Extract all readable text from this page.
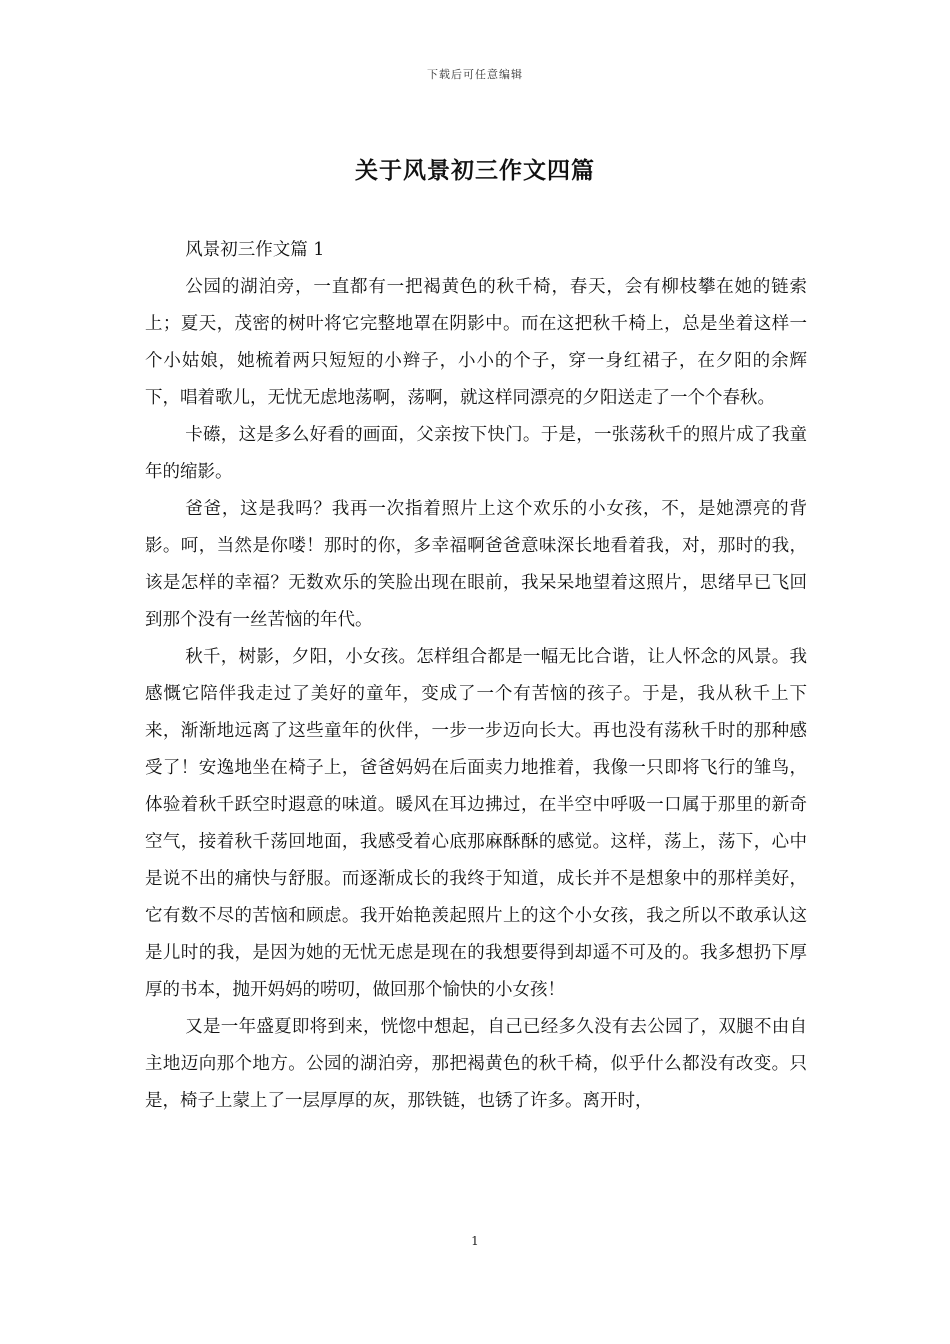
下载后可任意编辑
关于风景初三作文四篇

风景初三作文篇 1

公园的湖泊旁，一直都有一把褐黄色的秋千椅，春天，会有柳枝攀在她的链索上；夏天，茂密的树叶将它完整地罩在阴影中。而在这把秋千椅上，总是坐着这样一个小姑娘，她梳着两只短短的小辫子，小小的个子，穿一身红裙子，在夕阳的余辉下，唱着歌儿，无忧无虑地荡啊，荡啊，就这样同漂亮的夕阳送走了一个个春秋。

卡礤，这是多么好看的画面，父亲按下快门。于是，一张荡秋千的照片成了我童年的缩影。

爸爸，这是我吗？我再一次指着照片上这个欢乐的小女孩，不，是她漂亮的背影。呵，当然是你喽！那时的你，多幸福啊爸爸意味深长地看着我，对，那时的我，该是怎样的幸福？无数欢乐的笑脸出现在眼前，我呆呆地望着这照片，思绪早已飞回到那个没有一丝苦恼的年代。

秋千，树影，夕阳，小女孩。怎样组合都是一幅无比合谐，让人怀念的风景。我感慨它陪伴我走过了美好的童年，变成了一个有苦恼的孩子。于是，我从秋千上下来，渐渐地远离了这些童年的伙伴，一步一步迈向长大。再也没有荡秋千时的那种感受了！安逸地坐在椅子上，爸爸妈妈在后面卖力地推着，我像一只即将飞行的雏鸟，体验着秋千跃空时遐意的味道。暖风在耳边拂过，在半空中呼吸一口属于那里的新奇空气，接着秋千荡回地面，我感受着心底那麻酥酥的感觉。这样，荡上，荡下，心中是说不出的痛快与舒服。而逐渐成长的我终于知道，成长并不是想象中的那样美好，它有数不尽的苦恼和顾虑。我开始艳羡起照片上的这个小女孩，我之所以不敢承认这是儿时的我，是因为她的无忧无虑是现在的我想要得到却遥不可及的。我多想扔下厚厚的书本，抛开妈妈的唠叨，做回那个愉快的小女孩！

又是一年盛夏即将到来，恍惚中想起，自己已经多久没有去公园了，双腿不由自主地迈向那个地方。公园的湖泊旁，那把褐黄色的秋千椅，似乎什么都没有改变。只是，椅子上蒙上了一层厚厚的灰，那铁链，也锈了许多。离开时，

1
